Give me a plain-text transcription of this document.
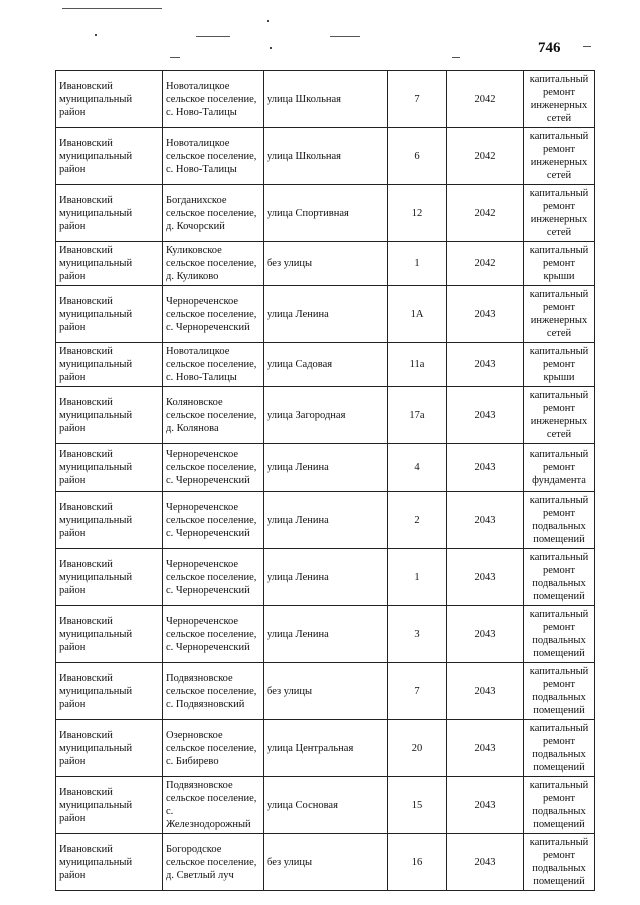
746
Ивановский муниципальный район	Новоталицкое сельское поселение, с. Ново-Талицы	улица Школьная	7	2042	капитальный ремонт инженерных сетей
Ивановский муниципальный район	Новоталицкое сельское поселение, с. Ново-Талицы	улица Школьная	6	2042	капитальный ремонт инженерных сетей
Ивановский муниципальный район	Богданихское сельское поселение, д. Кочорский	улица Спортивная	12	2042	капитальный ремонт инженерных сетей
Ивановский муниципальный район	Куликовское сельское поселение, д. Куликово	без улицы	1	2042	капитальный ремонт крыши
Ивановский муниципальный район	Чернореченское сельское поселение, с. Чернореченский	улица Ленина	1А	2043	капитальный ремонт инженерных сетей
Ивановский муниципальный район	Новоталицкое сельское поселение, с. Ново-Талицы	улица Садовая	11а	2043	капитальный ремонт крыши
Ивановский муниципальный район	Коляновское сельское поселение, д. Колянова	улица Загородная	17а	2043	капитальный ремонт инженерных сетей
Ивановский муниципальный район	Чернореченское сельское поселение, с. Чернореченский	улица Ленина	4	2043	капитальный ремонт фундамента
Ивановский муниципальный район	Чернореченское сельское поселение, с. Чернореченский	улица Ленина	2	2043	капитальный ремонт подвальных помещений
Ивановский муниципальный район	Чернореченское сельское поселение, с. Чернореченский	улица Ленина	1	2043	капитальный ремонт подвальных помещений
Ивановский муниципальный район	Чернореченское сельское поселение, с. Чернореченский	улица Ленина	3	2043	капитальный ремонт подвальных помещений
Ивановский муниципальный район	Подвязновское сельское поселение, с. Подвязновский	без улицы	7	2043	капитальный ремонт подвальных помещений
Ивановский муниципальный район	Озерновское сельское поселение, с. Бибирево	улица Центральная	20	2043	капитальный ремонт подвальных помещений
Ивановский муниципальный район	Подвязновское сельское поселение, с. Железнодорожный	улица Сосновая	15	2043	капитальный ремонт подвальных помещений
Ивановский муниципальный район	Богородское сельское поселение, д. Светлый луч	без улицы	16	2043	капитальный ремонт подвальных помещений
